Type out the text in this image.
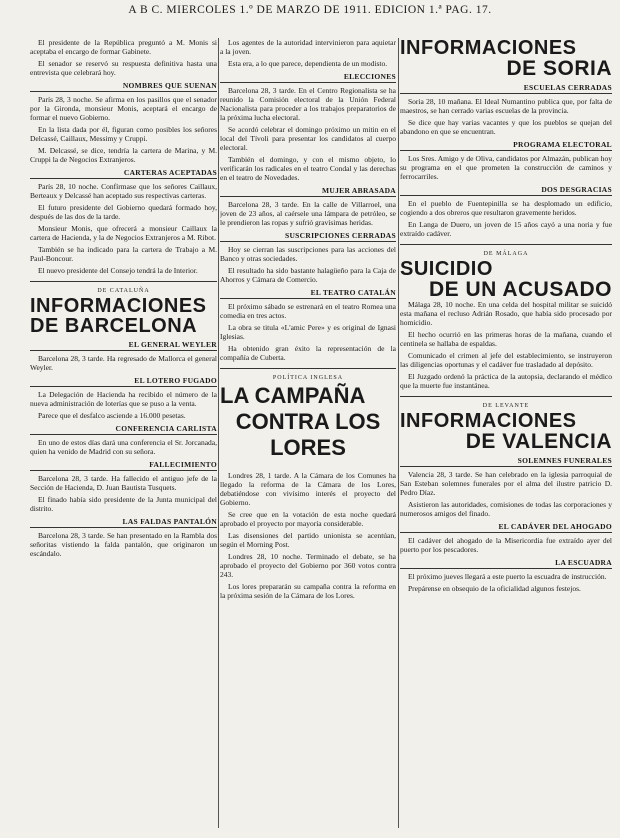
A B C. MIERCOLES 1.º DE MARZO DE 1911. EDICION 1.ª PAG. 17.

El presidente de la República preguntó a M. Monis si aceptaba el encargo de formar Gabinete.

El senador se reservó su respuesta definitiva hasta una entrevista que celebrará hoy.

NOMBRES QUE SUENAN

París 28, 3 noche. Se afirma en los pasillos que el senador por la Gironda, monsieur Monis, aceptará el encargo de formar el nuevo Gobierno.

En la lista dada por él, figuran como posibles los señores Delcassé, Caillaux, Messimy y Cruppi.

M. Delcassé, se dice, tendría la cartera de Marina, y M. Cruppi la de Negocios Extranjeros.

CARTERAS ACEPTADAS

París 28, 10 noche. Confírmase que los señores Caillaux, Berteaux y Delcassé han aceptado sus respectivas carteras.

El futuro presidente del Gobierno quedará formado hoy, después de las dos de la tarde.

Monsieur Monis, que ofrecerá a monsieur Caillaux la cartera de Hacienda, y la de Negocios Extranjeros a M. Ribot.

También se ha indicado para la cartera de Trabajo a M. Paul-Boncour.

El nuevo presidente del Consejo tendrá la de Interior.

DE CATALUÑA
INFORMACIONES DE BARCELONA
EL GENERAL WEYLER

Barcelona 28, 3 tarde. Ha regresado de Mallorca el general Weyler.

EL LOTERO FUGADO

La Delegación de Hacienda ha recibido el número de la nueva administración de loterías que se puso a la venta.

Parece que el desfalco asciende a 16.000 pesetas.

CONFERENCIA CARLISTA

En uno de estos días dará una conferencia el Sr. Jorcanada, quien ha venido de Madrid con su señora.

FALLECIMIENTO

Barcelona 28, 3 tarde. Ha fallecido el antiguo jefe de la Sección de Hacienda, D. Juan Bautista Tusquets.

El finado había sido presidente de la Junta municipal del distrito.

LAS FALDAS PANTALÓN

Barcelona 28, 3 tarde. Se han presentado en la Rambla dos señoritas vistiendo la falda pantalón, que originaron un escándalo.

Los agentes de la autoridad intervinieron para aquietar a la joven.

Esta era, a lo que parece, dependienta de un modisto.

ELECCIONES

Barcelona 28, 3 tarde. En el Centro Regionalista se ha reunido la Comisión electoral de la Unión Federal Nacionalista para proceder a los trabajos preparatorios de la próxima lucha electoral.

Se acordó celebrar el domingo próximo un mitin en el local del Tívoli para presentar los candidatos al cuerpo electoral.

También el domingo, y con el mismo objeto, lo verificarán los radicales en el teatro Condal y las derechas en el teatro de Novedades.

MUJER ABRASADA

Barcelona 28, 3 tarde. En la calle de Villarroel, una joven de 23 años, al caérsele una lámpara de petróleo, se le prendieron las ropas y sufrió gravísimas heridas.

SUSCRIPCIONES CERRADAS

Hoy se cierran las suscripciones para las acciones del Banco y otras sociedades.

El resultado ha sido bastante halagüeño para la Caja de Ahorros y Cámara de Comercio.

EL TEATRO CATALÁN

El próximo sábado se estrenará en el teatro Romea una comedia en tres actos.

La obra se titula «L'amic Pere» y es original de Ignasi Iglesias.

Ha obtenido gran éxito la representación de la compañía de Cuberta.

POLÍTICA INGLESA
LA CAMPAÑA
CONTRA LOS LORES

Londres 28, 1 tarde. A la Cámara de los Comunes ha llegado la reforma de la Cámara de los Lores, debatiéndose con vivísimo interés el proyecto del Gobierno.

Se cree que en la votación de esta noche quedará aprobado el proyecto por mayoría considerable.

Las disensiones del partido unionista se acentúan, según el Morning Post.

Londres 28, 10 noche. Terminado el debate, se ha aprobado el proyecto del Gobierno por 360 votos contra 243.

Los lores prepararán su campaña contra la reforma en la próxima sesión de la Cámara de los Lores.

INFORMACIONES
DE SORIA
ESCUELAS CERRADAS

Soria 28, 10 mañana. El Ideal Numantino publica que, por falta de maestros, se han cerrado varias escuelas de la provincia.

Se dice que hay varias vacantes y que los pueblos se quejan del abandono en que se encuentran.

PROGRAMA ELECTORAL

Los Sres. Amigo y de Oliva, candidatos por Almazán, publican hoy su programa en el que prometen la construcción de caminos y ferrocarriles.

DOS DESGRACIAS

En el pueblo de Fuentepinilla se ha desplomado un edificio, cogiendo a dos obreros que resultaron gravemente heridos.

En Langa de Duero, un joven de 15 años cayó a una noria y fue extraído cadáver.

DE MÁLAGA
SUICIDIO
DE UN ACUSADO

Málaga 28, 10 noche. En una celda del hospital militar se suicidó esta mañana el recluso Adrián Rosado, que había sido procesado por homicidio.

El hecho ocurrió en las primeras horas de la mañana, cuando el centinela se hallaba de espaldas.

Comunicado el crimen al jefe del establecimiento, se instruyeron las diligencias oportunas y el cadáver fue trasladado al depósito.

El Juzgado ordenó la práctica de la autopsia, declarando el médico que la muerte fue instantánea.

DE LEVANTE
INFORMACIONES
DE VALENCIA
SOLEMNES FUNERALES

Valencia 28, 3 tarde. Se han celebrado en la iglesia parroquial de San Esteban solemnes funerales por el alma del ilustre patricio D. Pedro Díaz.

Asistieron las autoridades, comisiones de todas las corporaciones y numerosos amigos del finado.

EL CADÁVER DEL AHOGADO

El cadáver del ahogado de la Misericordia fue extraído ayer del puerto por los pescadores.

LA ESCUADRA

El próximo jueves llegará a este puerto la escuadra de instrucción.

Prepárense en obsequio de la oficialidad algunos festejos.
